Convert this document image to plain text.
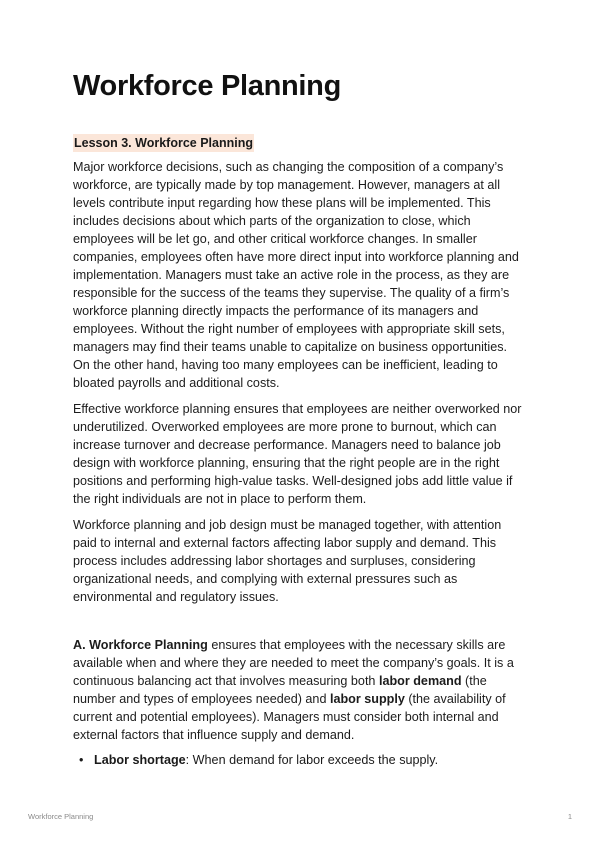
Workforce Planning
Lesson 3. Workforce Planning

Major workforce decisions, such as changing the composition of a company’s workforce, are typically made by top management. However, managers at all levels contribute input regarding how these plans will be implemented. This includes decisions about which parts of the organization to close, which employees will be let go, and other critical workforce changes. In smaller companies, employees often have more direct input into workforce planning and implementation. Managers must take an active role in the process, as they are responsible for the success of the teams they supervise. The quality of a firm’s workforce planning directly impacts the performance of its managers and employees. Without the right number of employees with appropriate skill sets, managers may find their teams unable to capitalize on business opportunities. On the other hand, having too many employees can be inefficient, leading to bloated payrolls and additional costs.

Effective workforce planning ensures that employees are neither overworked nor underutilized. Overworked employees are more prone to burnout, which can increase turnover and decrease performance. Managers need to balance job design with workforce planning, ensuring that the right people are in the right positions and performing high-value tasks. Well-designed jobs add little value if the right individuals are not in place to perform them.

Workforce planning and job design must be managed together, with attention paid to internal and external factors affecting labor supply and demand. This process includes addressing labor shortages and surpluses, considering organizational needs, and complying with external pressures such as environmental and regulatory issues.

A. Workforce Planning ensures that employees with the necessary skills are available when and where they are needed to meet the company’s goals. It is a continuous balancing act that involves measuring both labor demand (the number and types of employees needed) and labor supply (the availability of current and potential employees). Managers must consider both internal and external factors that influence supply and demand.

• Labor shortage: When demand for labor exceeds the supply.
Workforce Planning	1
